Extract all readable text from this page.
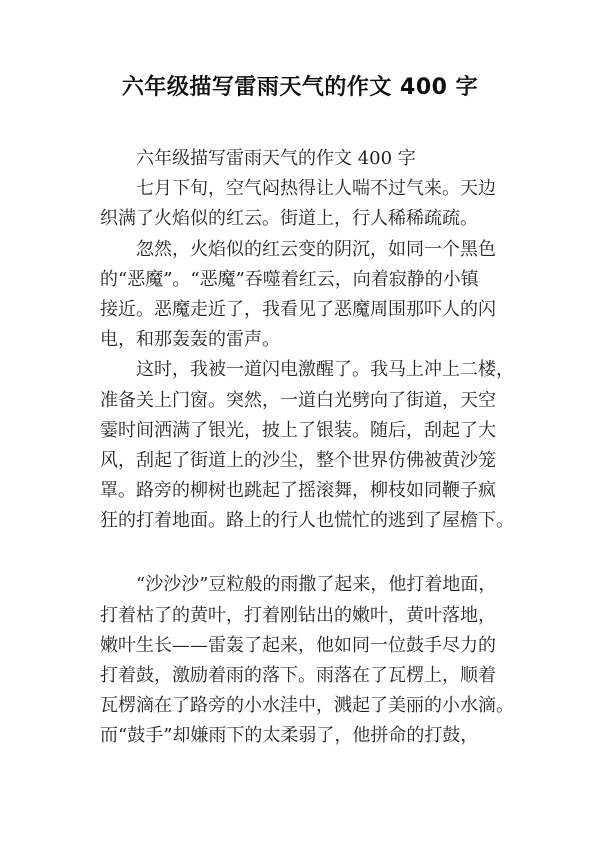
六年级描写雷雨天气的作文 400 字
六年级描写雷雨天气的作文 400 字
七月下旬，空气闷热得让人喘不过气来。天边
织满了火焰似的红云。街道上，行人稀稀疏疏。
忽然，火焰似的红云变的阴沉，如同一个黑色
的“恶魔”。“恶魔”吞噬着红云，向着寂静的小镇
接近。恶魔走近了，我看见了恶魔周围那吓人的闪
电，和那轰轰的雷声。
这时，我被一道闪电激醒了。我马上冲上二楼，
准备关上门窗。突然，一道白光劈向了街道，天空
霎时间洒满了银光，披上了银装。随后，刮起了大
风，刮起了街道上的沙尘，整个世界仿佛被黄沙笼
罩。路旁的柳树也跳起了摇滚舞，柳枝如同鞭子疯
狂的打着地面。路上的行人也慌忙的逃到了屋檐下。
“沙沙沙”豆粒般的雨撒了起来，他打着地面，
打着枯了的黄叶，打着刚钻出的嫩叶，黄叶落地，
嫩叶生长——雷轰了起来，他如同一位鼓手尽力的
打着鼓，激励着雨的落下。雨落在了瓦楞上，顺着
瓦楞滴在了路旁的小水洼中，溅起了美丽的小水滴。
而“鼓手”却嫌雨下的太柔弱了，他拼命的打鼓，
